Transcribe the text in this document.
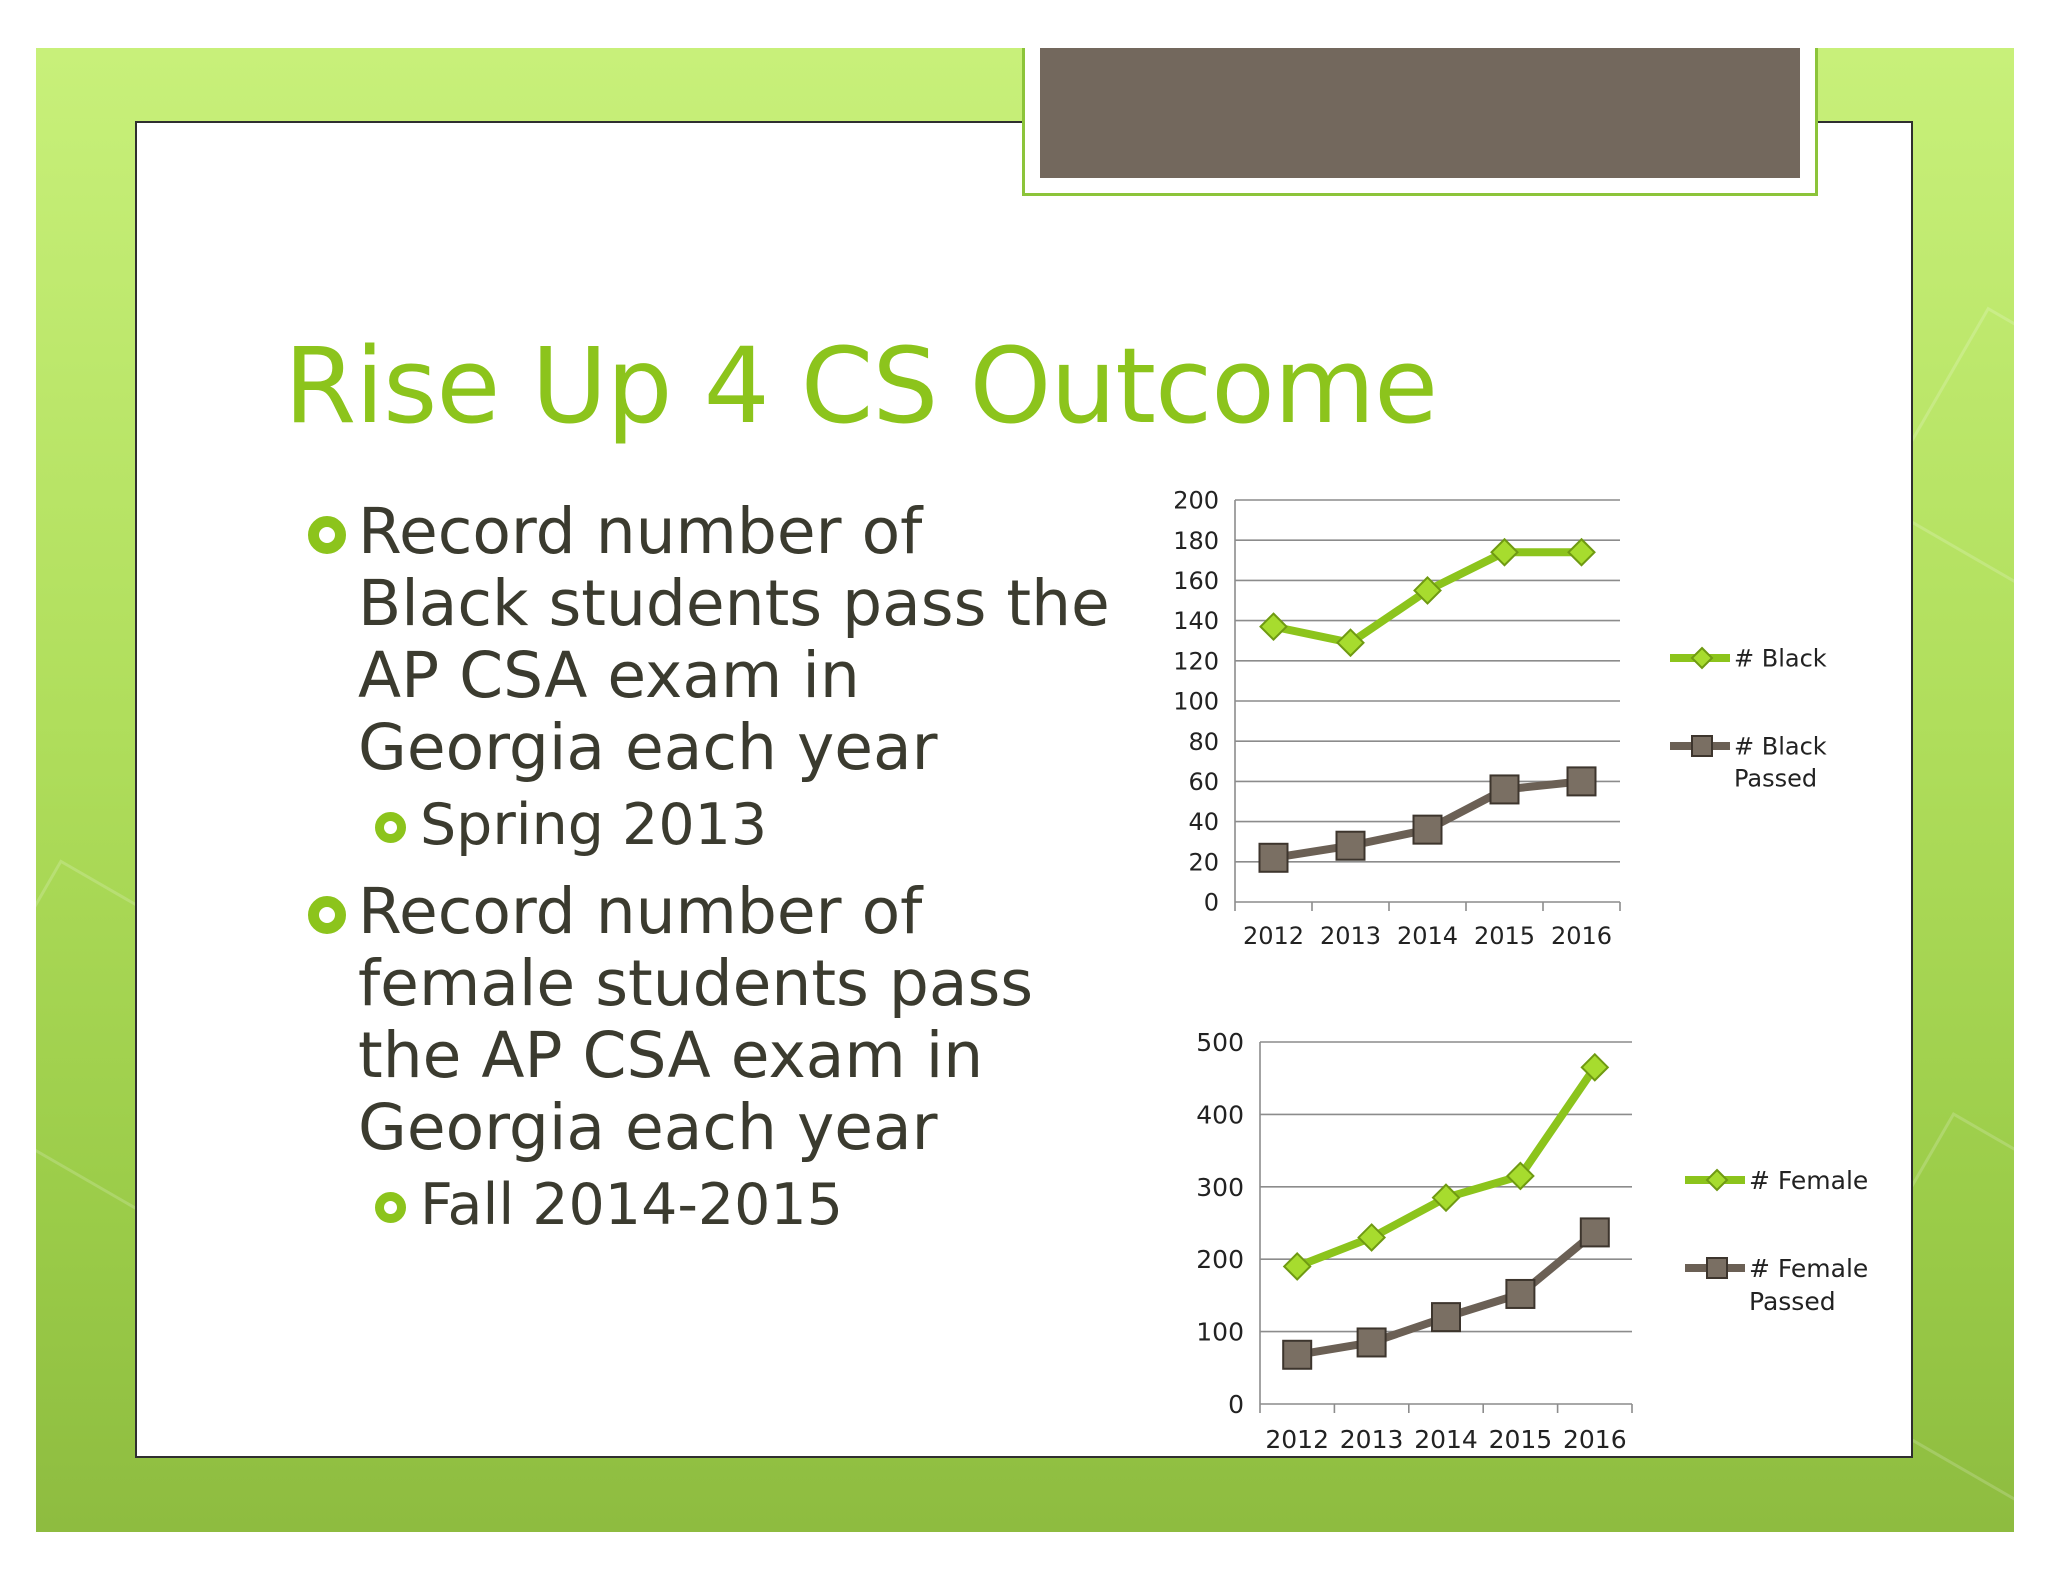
Rise Up 4 CS Outcome
Record number of
Black students pass the
AP CSA exam in
Georgia each year
Spring 2013
Record number of
female students pass
the AP CSA exam in
Georgia each year
Fall 2014-2015
0
20
40
60
80
100
120
140
160
180
200
2012 2013 2014 2015 2016
# Black
# Black
Passed
0
100
200
300
400
500
2012 2013 2014 2015 2016
# Female
# Female
Passed
